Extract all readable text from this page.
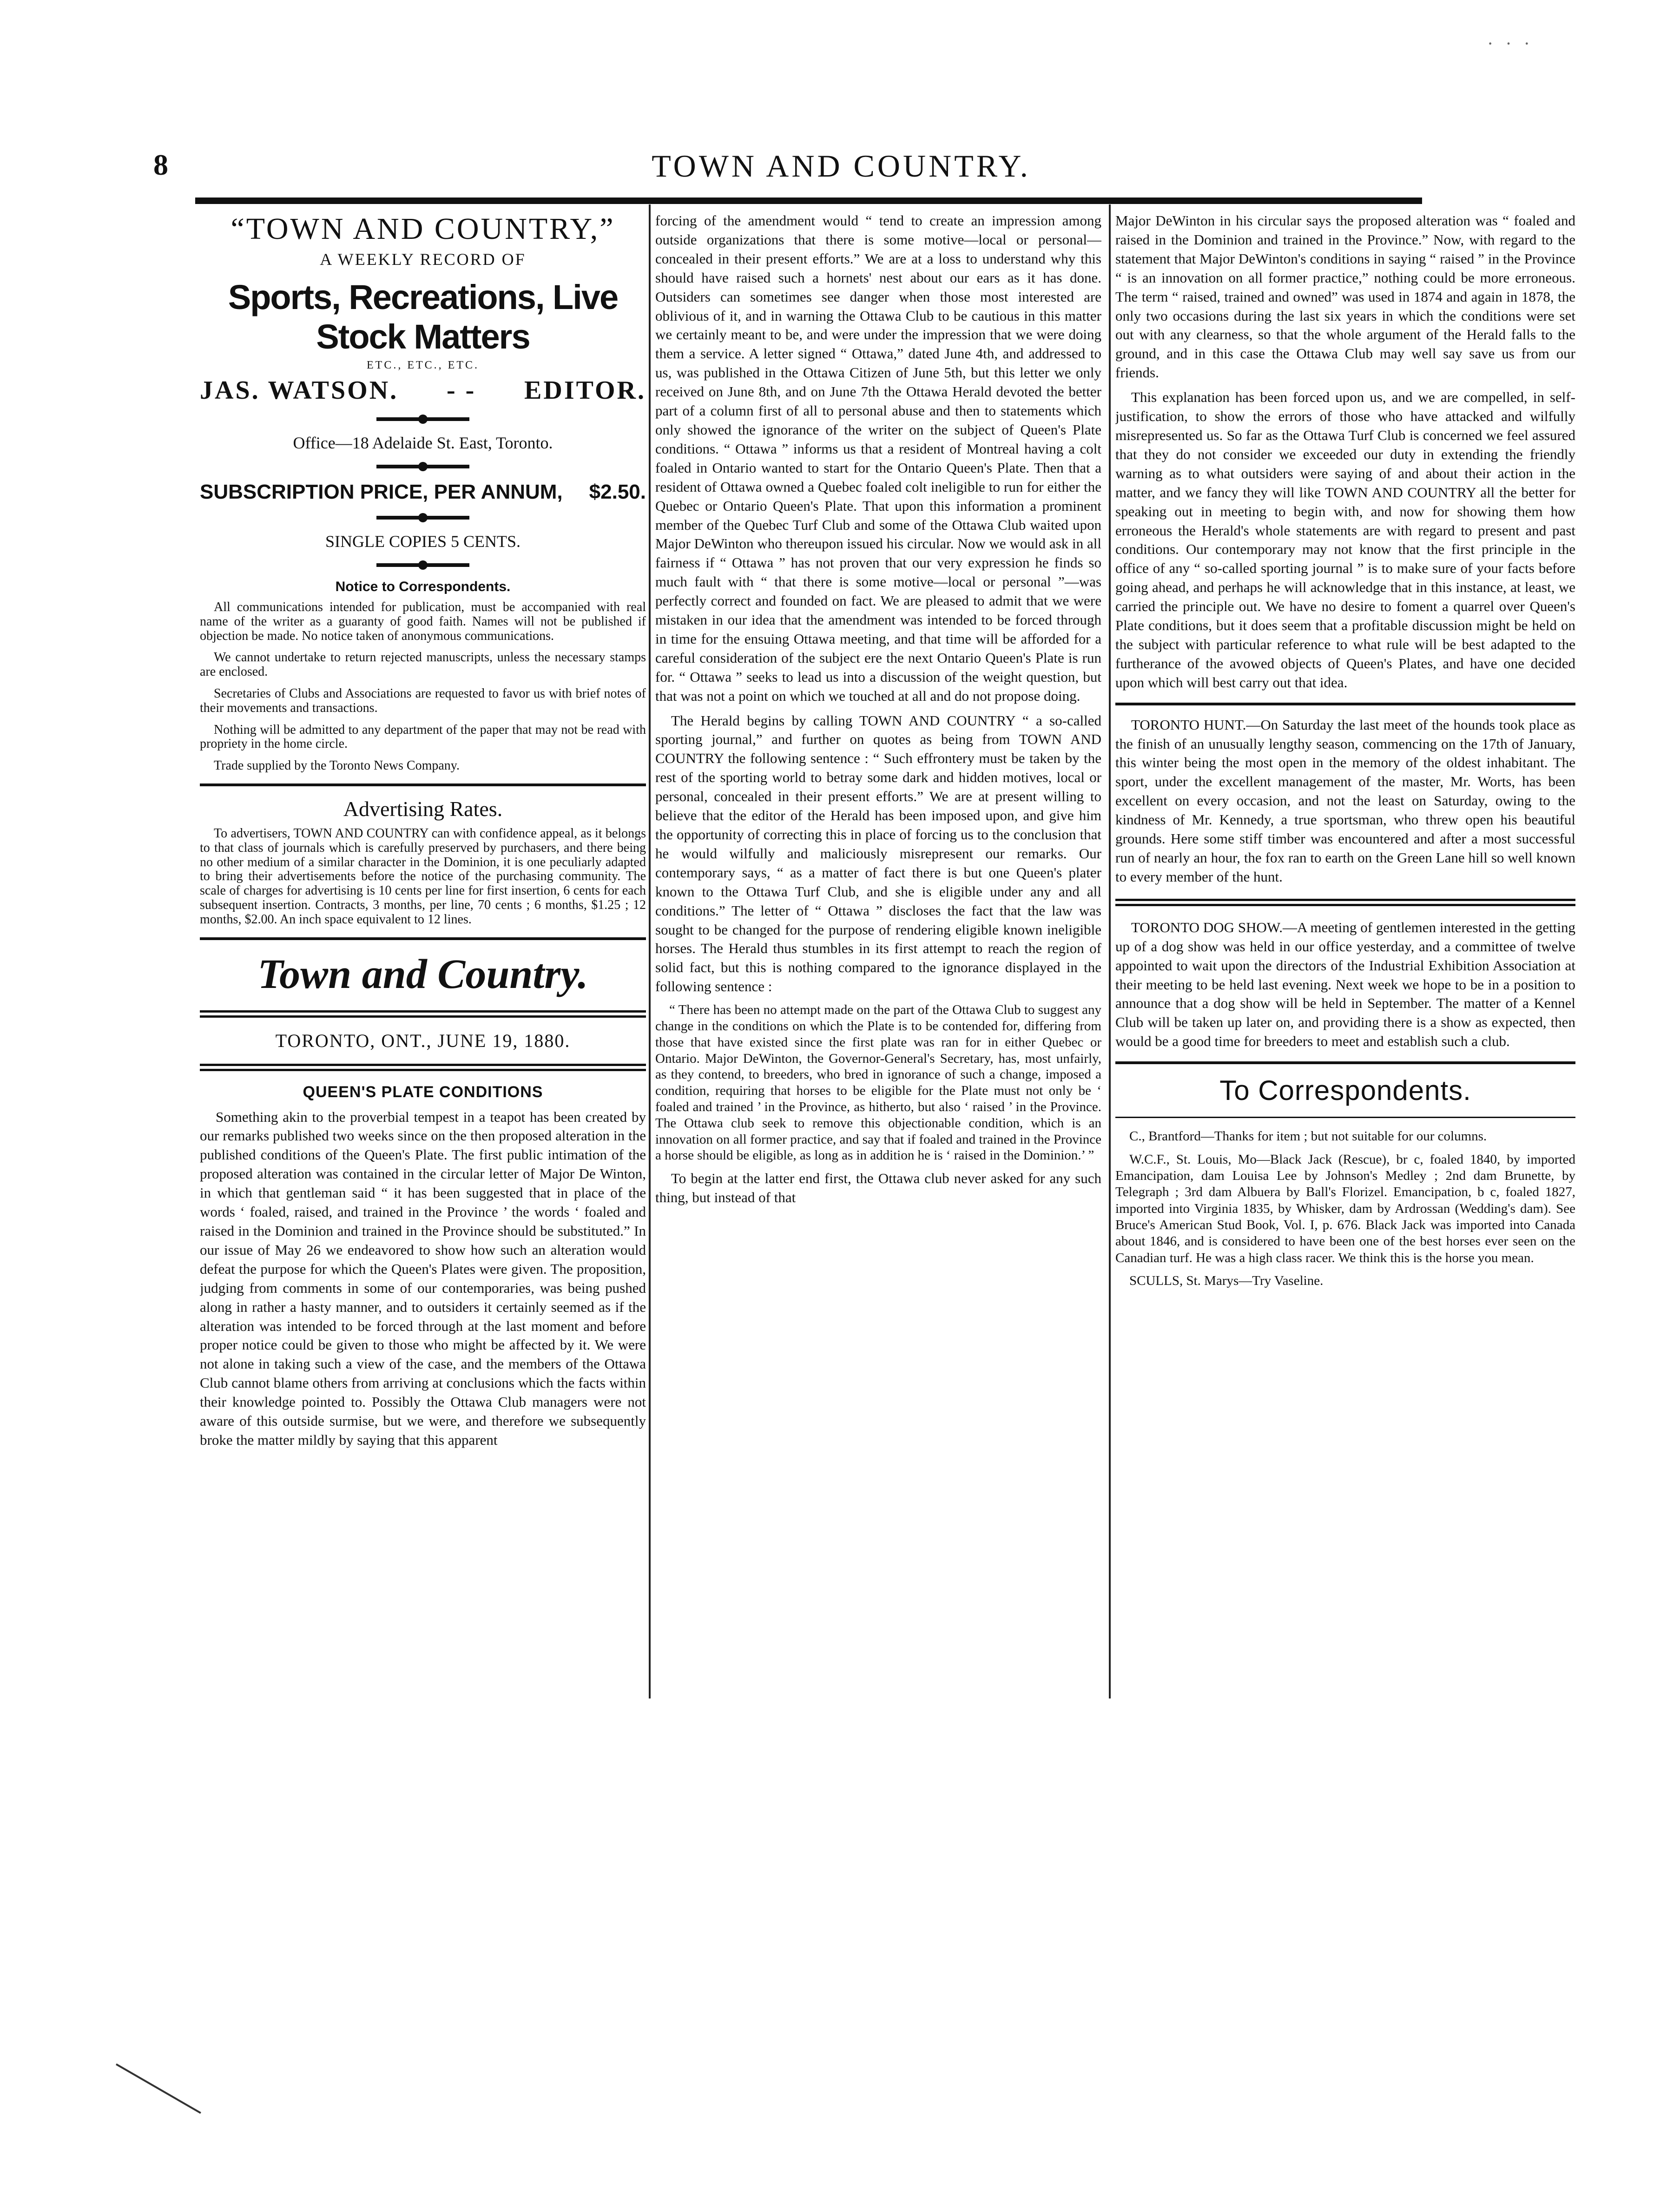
· · ·
8	TOWN AND COUNTRY.
“TOWN AND COUNTRY,”
A WEEKLY RECORD OF
Sports, Recreations, Live Stock Matters
ETC., ETC., ETC.
JAS. WATSON. - - EDITOR.
Office—18 Adelaide St. East, Toronto.
SUBSCRIPTION PRICE, PER ANNUM, $2.50.
SINGLE COPIES 5 CENTS.
Notice to Correspondents.

All communications intended for publication, must be accompanied with real name of the writer as a guaranty of good faith. Names will not be published if objection be made. No notice taken of anonymous communications.

We cannot undertake to return rejected manuscripts, unless the necessary stamps are enclosed.

Secretaries of Clubs and Associations are requested to favor us with brief notes of their movements and transactions.

Nothing will be admitted to any department of the paper that may not be read with propriety in the home circle.

Trade supplied by the Toronto News Company.

Advertising Rates.

To advertisers, TOWN AND COUNTRY can with confidence appeal, as it belongs to that class of journals which is carefully preserved by purchasers, and there being no other medium of a similar character in the Dominion, it is one peculiarly adapted to bring their advertisements before the notice of the purchasing community. The scale of charges for advertising is 10 cents per line for first insertion, 6 cents for each subsequent insertion. Contracts, 3 months, per line, 70 cents ; 6 months, $1.25 ; 12 months, $2.00. An inch space equivalent to 12 lines.

Town and Country.
TORONTO, ONT., JUNE 19, 1880.
QUEEN'S PLATE CONDITIONS

Something akin to the proverbial tempest in a teapot has been created by our remarks published two weeks since on the then proposed alteration in the published conditions of the Queen's Plate. The first public intimation of the proposed alteration was contained in the circular letter of Major De Winton, in which that gentleman said “ it has been suggested that in place of the words ‘ foaled, raised, and trained in the Province ’ the words ‘ foaled and raised in the Dominion and trained in the Province should be substituted.” In our issue of May 26 we endeavored to show how such an alteration would defeat the purpose for which the Queen's Plates were given. The proposition, judging from comments in some of our contemporaries, was being pushed along in rather a hasty manner, and to outsiders it certainly seemed as if the alteration was intended to be forced through at the last moment and before proper notice could be given to those who might be affected by it. We were not alone in taking such a view of the case, and the members of the Ottawa Club cannot blame others from arriving at conclusions which the facts within their knowledge pointed to. Possibly the Ottawa Club managers were not aware of this outside surmise, but we were, and therefore we subsequently broke the matter mildly by saying that this apparent

forcing of the amendment would “ tend to create an impression among outside organizations that there is some motive—local or personal—concealed in their present efforts.” We are at a loss to understand why this should have raised such a hornets' nest about our ears as it has done. Outsiders can sometimes see danger when those most interested are oblivious of it, and in warning the Ottawa Club to be cautious in this matter we certainly meant to be, and were under the impression that we were doing them a service. A letter signed “ Ottawa,” dated June 4th, and addressed to us, was published in the Ottawa Citizen of June 5th, but this letter we only received on June 8th, and on June 7th the Ottawa Herald devoted the better part of a column first of all to personal abuse and then to statements which only showed the ignorance of the writer on the subject of Queen's Plate conditions. “ Ottawa ” informs us that a resident of Montreal having a colt foaled in Ontario wanted to start for the Ontario Queen's Plate. Then that a resident of Ottawa owned a Quebec foaled colt ineligible to run for either the Quebec or Ontario Queen's Plate. That upon this information a prominent member of the Quebec Turf Club and some of the Ottawa Club waited upon Major DeWinton who thereupon issued his circular. Now we would ask in all fairness if “ Ottawa ” has not proven that our very expression he finds so much fault with “ that there is some motive—local or personal ”—was perfectly correct and founded on fact. We are pleased to admit that we were mistaken in our idea that the amendment was intended to be forced through in time for the ensuing Ottawa meeting, and that time will be afforded for a careful consideration of the subject ere the next Ontario Queen's Plate is run for. “ Ottawa ” seeks to lead us into a discussion of the weight question, but that was not a point on which we touched at all and do not propose doing.

The Herald begins by calling TOWN AND COUNTRY “ a so-called sporting journal,” and further on quotes as being from TOWN AND COUNTRY the following sentence : “ Such effrontery must be taken by the rest of the sporting world to betray some dark and hidden motives, local or personal, concealed in their present efforts.” We are at present willing to believe that the editor of the Herald has been imposed upon, and give him the opportunity of correcting this in place of forcing us to the conclusion that he would wilfully and maliciously misrepresent our remarks. Our contemporary says, “ as a matter of fact there is but one Queen's plater known to the Ottawa Turf Club, and she is eligible under any and all conditions.” The letter of “ Ottawa ” discloses the fact that the law was sought to be changed for the purpose of rendering eligible known ineligible horses. The Herald thus stumbles in its first attempt to reach the region of solid fact, but this is nothing compared to the ignorance displayed in the following sentence :

“ There has been no attempt made on the part of the Ottawa Club to suggest any change in the conditions on which the Plate is to be contended for, differing from those that have existed since the first plate was ran for in either Quebec or Ontario. Major DeWinton, the Governor-General's Secretary, has, most unfairly, as they contend, to breeders, who bred in ignorance of such a change, imposed a condition, requiring that horses to be eligible for the Plate must not only be ‘ foaled and trained ’ in the Province, as hitherto, but also ‘ raised ’ in the Province. The Ottawa club seek to remove this objectionable condition, which is an innovation on all former practice, and say that if foaled and trained in the Province a horse should be eligible, as long as in addition he is ‘ raised in the Dominion.’ ”

To begin at the latter end first, the Ottawa club never asked for any such thing, but instead of that

Major DeWinton in his circular says the proposed alteration was “ foaled and raised in the Dominion and trained in the Province.” Now, with regard to the statement that Major DeWinton's conditions in saying “ raised ” in the Province “ is an innovation on all former practice,” nothing could be more erroneous. The term “ raised, trained and owned” was used in 1874 and again in 1878, the only two occasions during the last six years in which the conditions were set out with any clearness, so that the whole argument of the Herald falls to the ground, and in this case the Ottawa Club may well say save us from our friends.

This explanation has been forced upon us, and we are compelled, in self-justification, to show the errors of those who have attacked and wilfully misrepresented us. So far as the Ottawa Turf Club is concerned we feel assured that they do not consider we exceeded our duty in extending the friendly warning as to what outsiders were saying of and about their action in the matter, and we fancy they will like TOWN AND COUNTRY all the better for speaking out in meeting to begin with, and now for showing them how erroneous the Herald's whole statements are with regard to present and past conditions. Our contemporary may not know that the first principle in the office of any “ so-called sporting journal ” is to make sure of your facts before going ahead, and perhaps he will acknowledge that in this instance, at least, we carried the principle out. We have no desire to foment a quarrel over Queen's Plate conditions, but it does seem that a profitable discussion might be held on the subject with particular reference to what rule will be best adapted to the furtherance of the avowed objects of Queen's Plates, and have one decided upon which will best carry out that idea.

TORONTO HUNT.—On Saturday the last meet of the hounds took place as the finish of an unusually lengthy season, commencing on the 17th of January, this winter being the most open in the memory of the oldest inhabitant. The sport, under the excellent management of the master, Mr. Worts, has been excellent on every occasion, and not the least on Saturday, owing to the kindness of Mr. Kennedy, a true sportsman, who threw open his beautiful grounds. Here some stiff timber was encountered and after a most successful run of nearly an hour, the fox ran to earth on the Green Lane hill so well known to every member of the hunt.

TORONTO DOG SHOW.—A meeting of gentlemen interested in the getting up of a dog show was held in our office yesterday, and a committee of twelve appointed to wait upon the directors of the Industrial Exhibition Association at their meeting to be held last evening. Next week we hope to be in a position to announce that a dog show will be held in September. The matter of a Kennel Club will be taken up later on, and providing there is a show as expected, then would be a good time for breeders to meet and establish such a club.

To Correspondents.

C., Brantford—Thanks for item ; but not suitable for our columns.

W.C.F., St. Louis, Mo—Black Jack (Rescue), br c, foaled 1840, by imported Emancipation, dam Louisa Lee by Johnson's Medley ; 2nd dam Brunette, by Telegraph ; 3rd dam Albuera by Ball's Florizel. Emancipation, b c, foaled 1827, imported into Virginia 1835, by Whisker, dam by Ardrossan (Wedding's dam). See Bruce's American Stud Book, Vol. I, p. 676. Black Jack was imported into Canada about 1846, and is considered to have been one of the best horses ever seen on the Canadian turf. He was a high class racer. We think this is the horse you mean.

SCULLS, St. Marys—Try Vaseline.
